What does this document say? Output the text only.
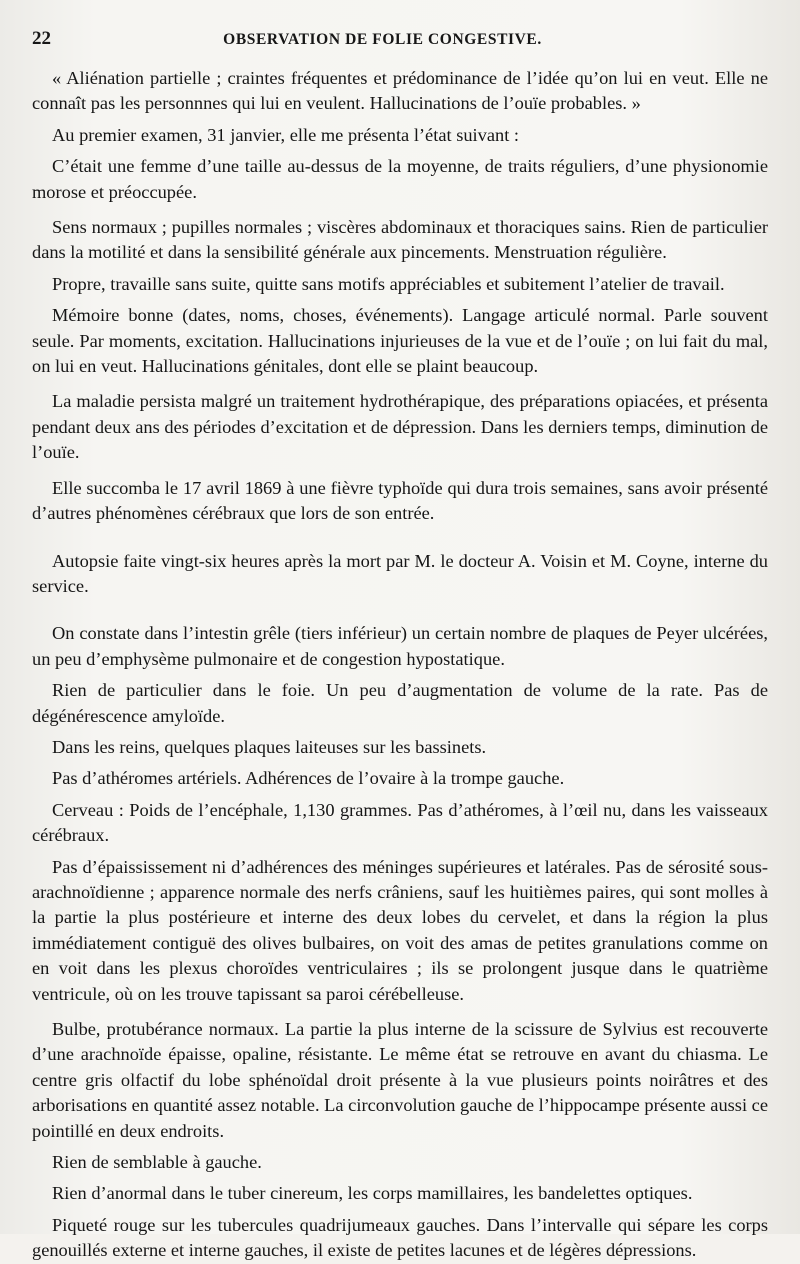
22	OBSERVATION DE FOLIE CONGESTIVE.

« Aliénation partielle ; craintes fréquentes et prédominance de l’idée qu’on lui en veut. Elle ne connaît pas les personnnes qui lui en veulent. Hallucinations de l’ouïe probables. »

Au premier examen, 31 janvier, elle me présenta l’état suivant :

C’était une femme d’une taille au-dessus de la moyenne, de traits réguliers, d’une physionomie morose et préoccupée.

Sens normaux ; pupilles normales ; viscères abdominaux et thoraciques sains. Rien de particulier dans la motilité et dans la sensibilité générale aux pincements. Menstruation régulière.

Propre, travaille sans suite, quitte sans motifs appréciables et subitement l’atelier de travail.

Mémoire bonne (dates, noms, choses, événements). Langage articulé normal. Parle souvent seule. Par moments, excitation. Hallucinations injurieuses de la vue et de l’ouïe ; on lui fait du mal, on lui en veut. Hallucinations génitales, dont elle se plaint beaucoup.

La maladie persista malgré un traitement hydrothérapique, des préparations opiacées, et présenta pendant deux ans des périodes d’excitation et de dépression. Dans les derniers temps, diminution de l’ouïe.

Elle succomba le 17 avril 1869 à une fièvre typhoïde qui dura trois semaines, sans avoir présenté d’autres phénomènes cérébraux que lors de son entrée.

Autopsie faite vingt-six heures après la mort par M. le docteur A. Voisin et M. Coyne, interne du service.

On constate dans l’intestin grêle (tiers inférieur) un certain nombre de plaques de Peyer ulcérées, un peu d’emphysème pulmonaire et de congestion hypostatique.

Rien de particulier dans le foie. Un peu d’augmentation de volume de la rate. Pas de dégénérescence amyloïde.

Dans les reins, quelques plaques laiteuses sur les bassinets.

Pas d’athéromes artériels. Adhérences de l’ovaire à la trompe gauche.

Cerveau : Poids de l’encéphale, 1,130 grammes. Pas d’athéromes, à l’œil nu, dans les vaisseaux cérébraux.

Pas d’épaississement ni d’adhérences des méninges supérieures et latérales. Pas de sérosité sous-arachnoïdienne ; apparence normale des nerfs crâniens, sauf les huitièmes paires, qui sont molles à la partie la plus postérieure et interne des deux lobes du cervelet, et dans la région la plus immédiatement contiguë des olives bulbaires, on voit des amas de petites granulations comme on en voit dans les plexus choroïdes ventriculaires ; ils se prolongent jusque dans le quatrième ventricule, où on les trouve tapissant sa paroi cérébelleuse.

Bulbe, protubérance normaux. La partie la plus interne de la scissure de Sylvius est recouverte d’une arachnoïde épaisse, opaline, résistante. Le même état se retrouve en avant du chiasma. Le centre gris olfactif du lobe sphénoïdal droit présente à la vue plusieurs points noirâtres et des arborisations en quantité assez notable. La circonvolution gauche de l’hippocampe présente aussi ce pointillé en deux endroits.

Rien de semblable à gauche.

Rien d’anormal dans le tuber cinereum, les corps mamillaires, les bandelettes optiques.

Piqueté rouge sur les tubercules quadrijumeaux gauches. Dans l’intervalle qui sépare les corps genouillés externe et interne gauches, il existe de petites lacunes et de légères dépressions.
